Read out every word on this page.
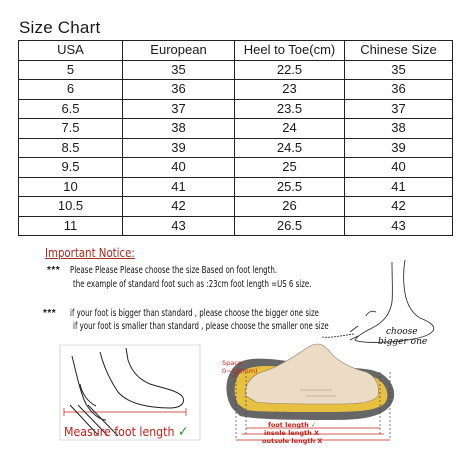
Size Chart
USA	European	Heel to Toe(cm)	Chinese Size
5	35	22.5	35
6	36	23	36
6.5	37	23.5	37
7.5	38	24	38
8.5	39	24.5	39
9.5	40	25	40
10	41	25.5	41
10.5	42	26	42
11	43	26.5	43
Important Notice:
*** Please Please Please choose the size Based on foot length.
the example of standard foot such as :23cm foot length =US 6 size.
*** if your foot is bigger than standard , please choose the bigger one size
if your foot is smaller than standard , please choose the smaller one size	choose
bigger one
Measure foot length ✓
Space
0~15(mm)
foot length ✓
insole length X
outsole length X
